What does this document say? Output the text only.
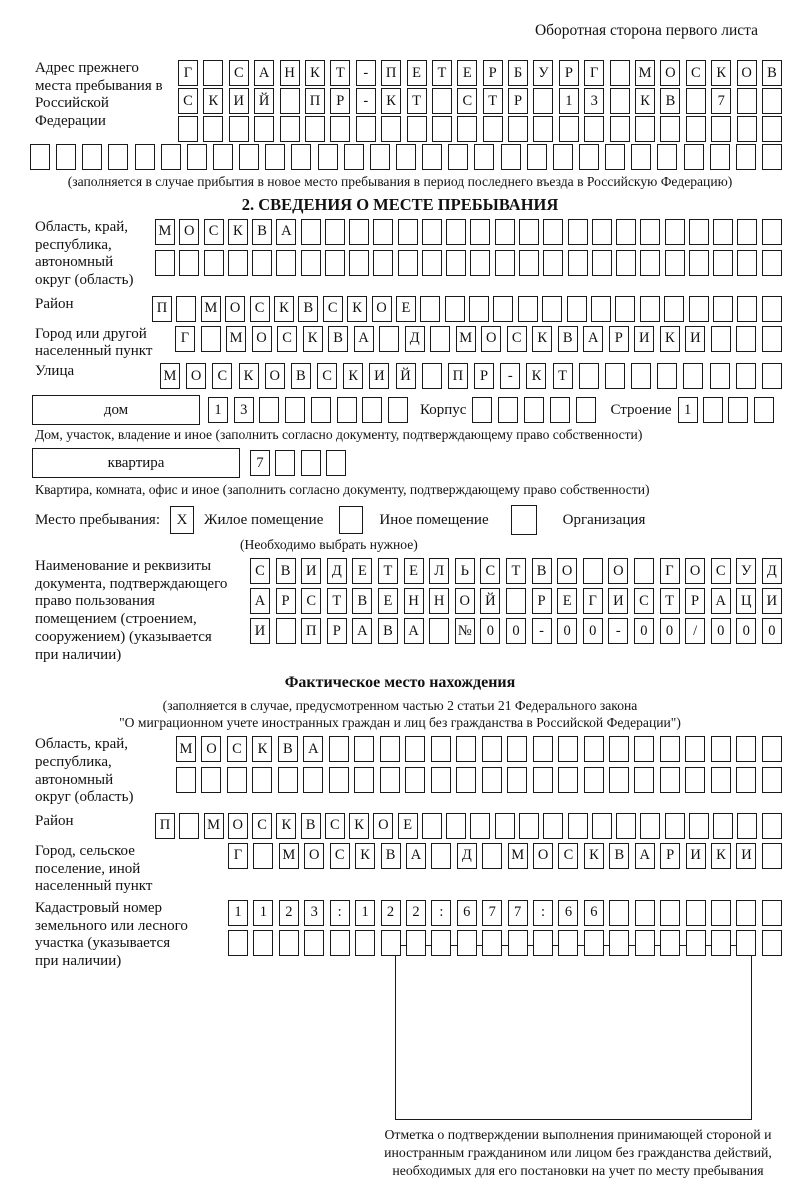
Оборотная сторона первого листа
Адрес прежнего места пребывания в Российской Федерации
Г	С	А	Н	К	Т	-	П	Е	Т	Е	Р	Б	У	Р	Г	М О	С	К	О	В
С	К	И	Й	П	Р	-	К	Т	С	Т	Р	1	3	К	В	7
(заполняется в случае прибытия в новое место пребывания в период последнего въезда в Российскую Федерацию)
2. СВЕДЕНИЯ О МЕСТЕ ПРЕБЫВАНИЯ
Область, край, республика, автономный округ (область)
М О С	К	В А
Район	П	М О С	К	В	С	К О	Е
Город или другой населенный пункт
Г	М О	С	К	В	А	Д	М О	С	К	В	А	Р	И	К	И
Улица	М О	С	К	О	В	С	К	И	Й	П	Р	-	К	Т
дом	1	3	Корпус	Строение 1
Дом, участок, владение и иное (заполнить согласно документу, подтверждающему право собственности)
квартира	7
Квартира, комната, офис и иное (заполнить согласно документу, подтверждающему право собственности)
Место пребывания:	X	Жилое помещение	Иное помещение	Организация
(Необходимо выбрать нужное)
Наименование и реквизиты документа, подтверждающего право пользования помещением (строением, сооружением) (указывается при наличии)
С	В	И	Д	Е	Т	Е	Л	Ь	С	Т	В	О	О	Г	О	С	У	Д
А	Р	С	Т	В	Е	Н	Н	О	Й	Р	Е	Г	И	С	Т	Р	А	Ц	И
И	П	Р	А	В	А	№	0	0	-	0	0	-	0	0	/	0	0	0
Фактическое место нахождения
(заполняется в случае, предусмотренном частью 2 статьи 21 Федерального закона
"О миграционном учете иностранных граждан и лиц без гражданства в Российской Федерации")
Область, край, республика, автономный округ (область)
М О	С	К	В	А
Район	П	М О С	К	В	С	К О	Е
Город, сельское поселение, иной населенный пункт
Г	М О	С	К	В	А	Д	М О	С	К	В	А	Р	И	К	И
Кадастровый номер земельного или лесного участка (указывается при наличии)
1	1	2	3	:	1	2	2	:	6	7	7	:	6	6
Отметка о подтверждении выполнения принимающей стороной и иностранным гражданином или лицом без гражданства действий, необходимых для его постановки на учет по месту пребывания
